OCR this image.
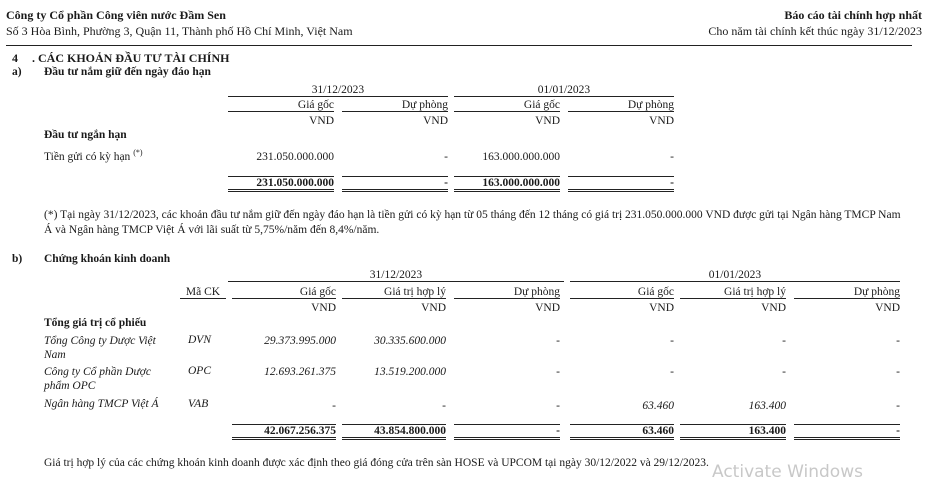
Công ty Cổ phần Công viên nước Đầm Sen
Số 3 Hòa Bình, Phường 3, Quận 11, Thành phố Hồ Chí Minh, Việt Nam
Báo cáo tài chính hợp nhất
Cho năm tài chính kết thúc ngày 31/12/2023
4 . CÁC KHOẢN ĐẦU TƯ TÀI CHÍNH
a) Đầu tư nắm giữ đến ngày đáo hạn
31/12/2023	01/01/2023
Giá gốc	Dự phòng	Giá gốc	Dự phòng
VND	VND	VND	VND
Đầu tư ngắn hạn
Tiền gửi có kỳ hạn (*)	231.050.000.000	-	163.000.000.000	-
231.050.000.000	-	163.000.000.000	-
(*) Tại ngày 31/12/2023, các khoản đầu tư nắm giữ đến ngày đáo hạn là tiền gửi có kỳ hạn từ 05 tháng đến 12 tháng có giá trị 231.050.000.000 VND được gửi tại Ngân hàng TMCP Nam Á và Ngân hàng TMCP Việt Á với lãi suất từ 5,75%/năm đến 8,4%/năm.
b) Chứng khoán kinh doanh
31/12/2023	01/01/2023
Mã CK	Giá gốc	Giá trị hợp lý	Dự phòng	Giá gốc	Giá trị hợp lý	Dự phòng
VND	VND	VND	VND	VND	VND
Tổng giá trị cổ phiếu
Tổng Công ty Dược Việt Nam
DVN	29.373.995.000	30.335.600.000	-	-	-	-
Công ty Cổ phần Dược phẩm OPC
OPC	12.693.261.375	13.519.200.000	-	-	-	-
Ngân hàng TMCP Việt Á	VAB	-	-	-	63.460	163.400	-
42.067.256.375	43.854.800.000	-	63.460	163.400	-
Giá trị hợp lý của các chứng khoán kinh doanh được xác định theo giá đóng cửa trên sàn HOSE và UPCOM tại ngày 30/12/2022 và 29/12/2023. Activate Windows
